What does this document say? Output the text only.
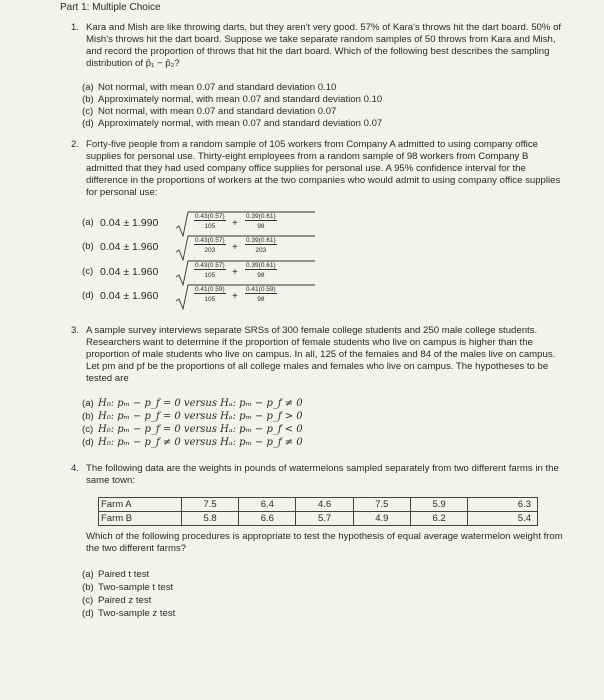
Part 1: Multiple Choice
1. Kara and Mish are like throwing darts, but they aren't very good. 57% of Kara's throws hit the dart board. 50% of Mish's throws hit the dart board. Suppose we take separate random samples of 50 throws from Kara and Mish, and record the proportion of throws that hit the dart board. Which of the following best describes the sampling distribution of p̂₁ − p̂₂?
(a) Not normal, with mean 0.07 and standard deviation 0.10
(b) Approximately normal, with mean 0.07 and standard deviation 0.10
(c) Not normal, with mean 0.07 and standard deviation 0.07
(d) Approximately normal, with mean 0.07 and standard deviation 0.07
2. Forty-five people from a random sample of 105 workers from Company A admitted to using company office supplies for personal use. Thirty-eight employees from a random sample of 98 workers from Company B admitted that they had used company office supplies for personal use. A 95% confidence interval for the difference in the proportions of workers at the two companies who would admit to using company office supplies for personal use:
(a) 0.04 ± 1.990	$\frac{0.43(0.57)}{105} + \frac{0.39(0.61)}{98}$
(b) 0.04 ± 1.960	$\frac{0.43(0.57)}{203} + \frac{0.39(0.61)}{203}$
(c) 0.04 ± 1.960	$\frac{0.43(0.57)}{105} + \frac{0.39(0.61)}{98}$
(d) 0.04 ± 1.960	$\frac{0.41(0.59)}{105} + \frac{0.41(0.59)}{98}$
3. A sample survey interviews separate SRSs of 300 female college students and 250 male college students. Researchers want to determine if the proportion of female students who live on campus is higher than the proportion of male students who live on campus. In all, 125 of the females and 84 of the males live on campus. Let pm and pf be the proportions of all college males and females who live on campus. The hypotheses to be tested are
(a) H₀: pₘ − p_f = 0 versus Hₐ: pₘ − p_f ≠ 0
(b) H₀: pₘ − p_f = 0 versus Hₐ: pₘ − p_f > 0
(c) H₀: pₘ − p_f = 0 versus Hₐ: pₘ − p_f < 0
(d) H₀: pₘ − p_f ≠ 0 versus Hₐ: pₘ − p_f ≠ 0
4. The following data are the weights in pounds of watermelons sampled separately from two different farms in the same town:
Farm A	7.5	6.4	4.6	7.5	5.9	6.3
Farm B	5.8	6.6	5.7	4.9	6.2	5.4
Which of the following procedures is appropriate to test the hypothesis of equal average watermelon weight from the two different farms?
(a) Paired t test
(b) Two-sample t test
(c) Paired z test
(d) Two-sample z test
